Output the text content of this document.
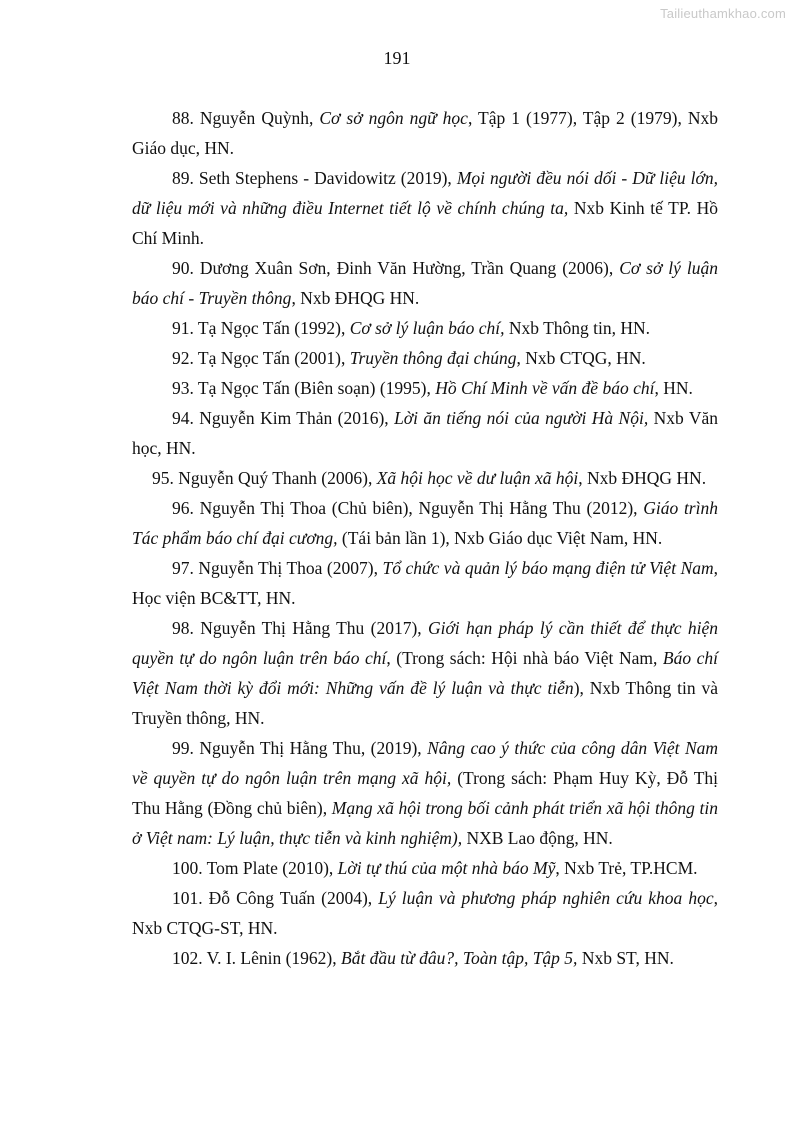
Tailieuthamkhao.com
191

88. Nguyễn Quỳnh, Cơ sở ngôn ngữ học, Tập 1 (1977), Tập 2 (1979), Nxb Giáo dục, HN.

89. Seth Stephens - Davidowitz (2019), Mọi người đều nói dối - Dữ liệu lớn, dữ liệu mới và những điều Internet tiết lộ về chính chúng ta, Nxb Kinh tế TP. Hồ Chí Minh.

90. Dương Xuân Sơn, Đinh Văn Hường, Trần Quang (2006), Cơ sở lý luận báo chí - Truyền thông, Nxb ĐHQG HN.

91. Tạ Ngọc Tấn (1992), Cơ sở lý luận báo chí, Nxb Thông tin, HN.

92. Tạ Ngọc Tấn (2001), Truyền thông đại chúng, Nxb CTQG, HN.

93. Tạ Ngọc Tấn (Biên soạn) (1995), Hồ Chí Minh về vấn đề báo chí, HN.

94. Nguyễn Kim Thản (2016), Lời ăn tiếng nói của người Hà Nội, Nxb Văn học, HN.

95. Nguyễn Quý Thanh (2006), Xã hội học về dư luận xã hội, Nxb ĐHQG HN.

96. Nguyễn Thị Thoa (Chủ biên), Nguyễn Thị Hằng Thu (2012), Giáo trình Tác phẩm báo chí đại cương, (Tái bản lần 1), Nxb Giáo dục Việt Nam, HN.

97. Nguyễn Thị Thoa (2007), Tổ chức và quản lý báo mạng điện tử Việt Nam, Học viện BC&TT, HN.

98. Nguyễn Thị Hằng Thu (2017), Giới hạn pháp lý cần thiết để thực hiện quyền tự do ngôn luận trên báo chí, (Trong sách: Hội nhà báo Việt Nam, Báo chí Việt Nam thời kỳ đổi mới: Những vấn đề lý luận và thực tiễn), Nxb Thông tin và Truyền thông, HN.

99. Nguyễn Thị Hằng Thu, (2019), Nâng cao ý thức của công dân Việt Nam về quyền tự do ngôn luận trên mạng xã hội, (Trong sách: Phạm Huy Kỳ, Đỗ Thị Thu Hằng (Đồng chủ biên), Mạng xã hội trong bối cảnh phát triển xã hội thông tin ở Việt nam: Lý luận, thực tiễn và kinh nghiệm), NXB Lao động, HN.

100. Tom Plate (2010), Lời tự thú của một nhà báo Mỹ, Nxb Trẻ, TP.HCM.

101. Đỗ Công Tuấn (2004), Lý luận và phương pháp nghiên cứu khoa học, Nxb CTQG-ST, HN.

102. V. I. Lênin (1962), Bắt đầu từ đâu?, Toàn tập, Tập 5, Nxb ST, HN.
